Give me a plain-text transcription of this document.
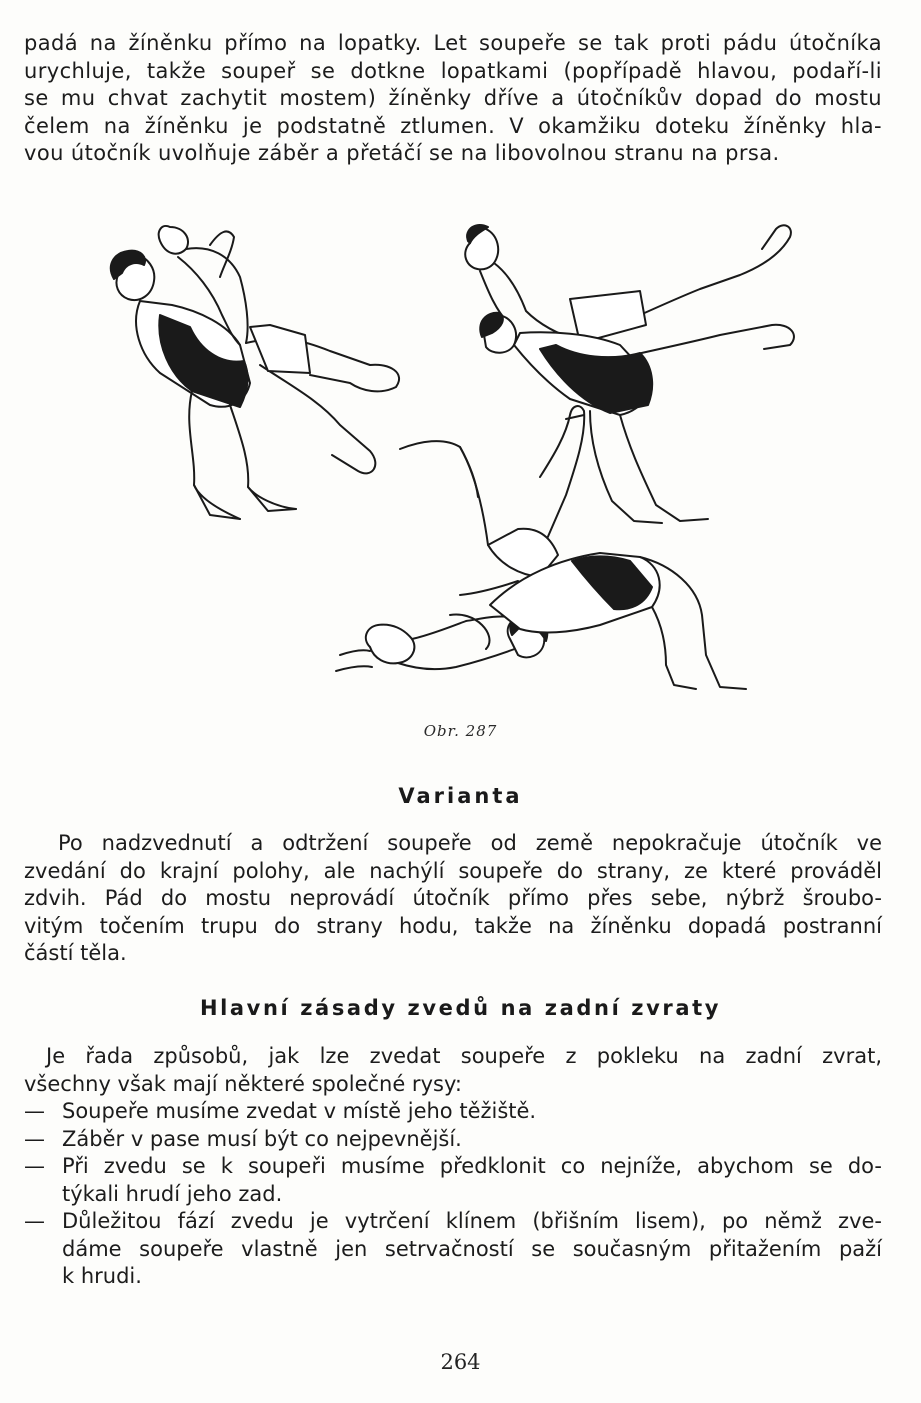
padá na žíněnku přímo na lopatky. Let soupeře se tak proti pádu útočníka
urychluje, takže soupeř se dotkne lopatkami (popřípadě hlavou, podaří-li
se mu chvat zachytit mostem) žíněnky dříve a útočníkův dopad do mostu
čelem na žíněnku je podstatně ztlumen. V okamžiku doteku žíněnky hla-
vou útočník uvolňuje záběr a přetáčí se na libovolnou stranu na prsa.
Obr. 287
Varianta
Po nadzvednutí a odtržení soupeře od země nepokračuje útočník ve
zvedání do krajní polohy, ale nachýlí soupeře do strany, ze které prováděl
zdvih. Pád do mostu neprovádí útočník přímo přes sebe, nýbrž šroubo-
vitým točením trupu do strany hodu, takže na žíněnku dopadá postranní
částí těla.
Hlavní zásady zvedů na zadní zvraty
Je řada způsobů, jak lze zvedat soupeře z pokleku na zadní zvrat,
všechny však mají některé společné rysy:
— Soupeře musíme zvedat v místě jeho těžiště.
— Záběr v pase musí být co nejpevnější.
— Při zvedu se k soupeři musíme předklonit co nejníže, abychom se do-
týkali hrudí jeho zad.
— Důležitou fází zvedu je vytrčení klínem (břišním lisem), po němž zve-
dáme soupeře vlastně jen setrvačností se současným přitažením paží
k hrudi.
264
